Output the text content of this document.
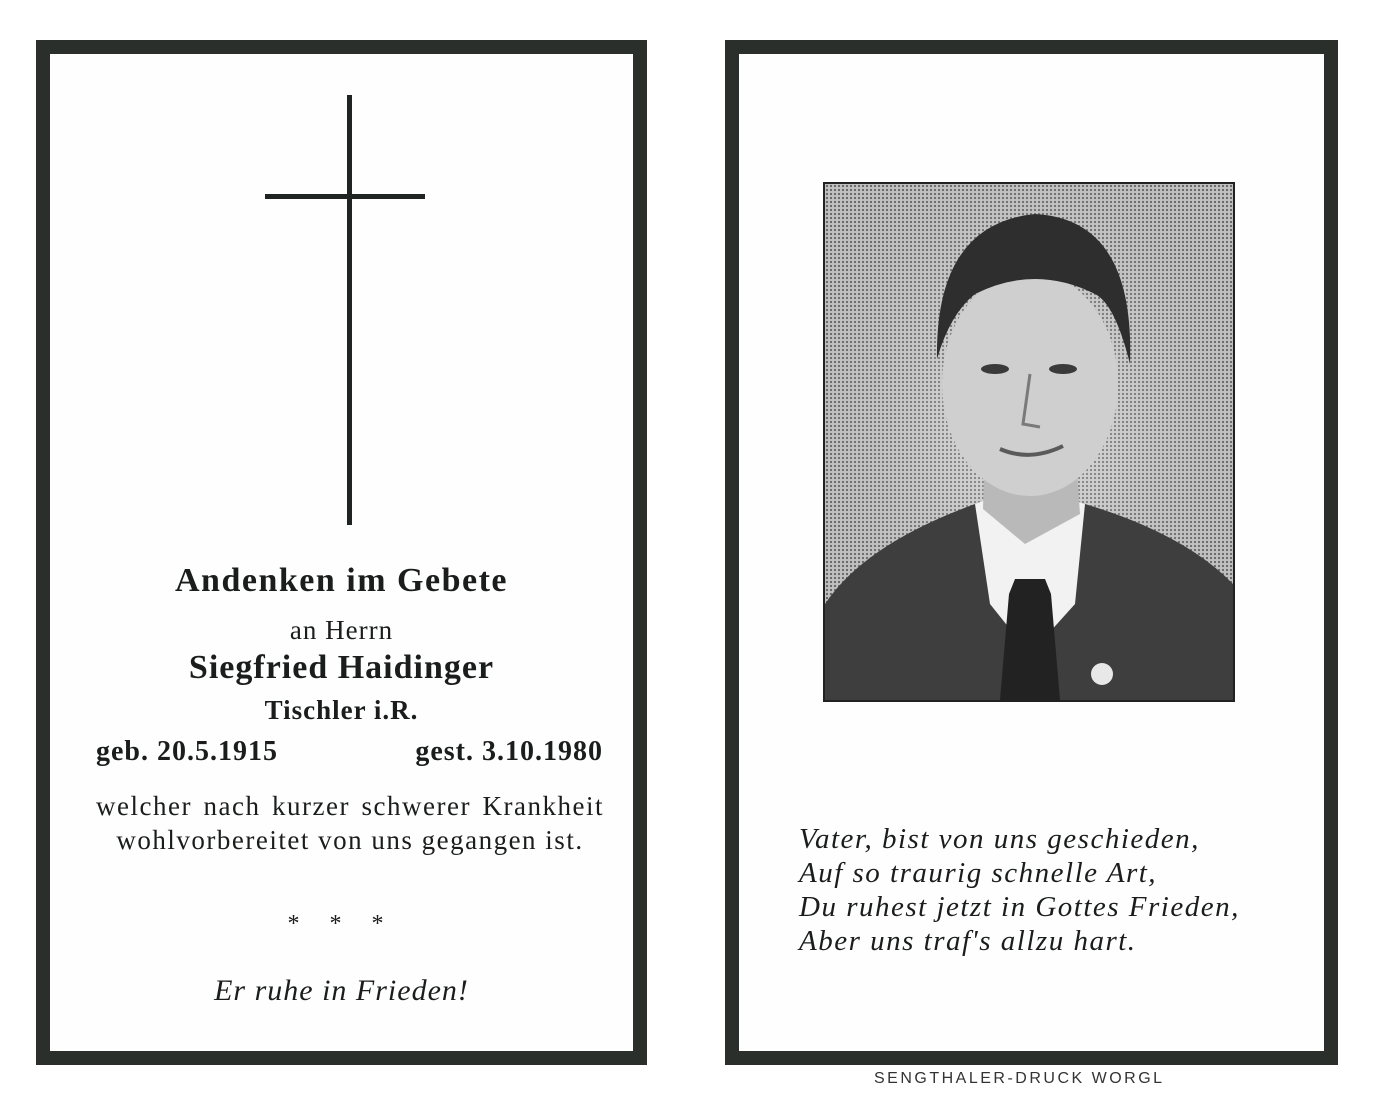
Andenken im Gebete
an Herrn
Siegfried Haidinger
Tischler i.R.
geb. 20.5.1915	gest. 3.10.1980
welcher nach kurzer schwerer Krankheit wohlvorbereitet von uns gegangen ist.
* * *
Er ruhe in Frieden!
Vater, bist von uns geschieden,
Auf so traurig schnelle Art,
Du ruhest jetzt in Gottes Frieden,
Aber uns traf's allzu hart.
SENGTHALER-DRUCK WORGL
